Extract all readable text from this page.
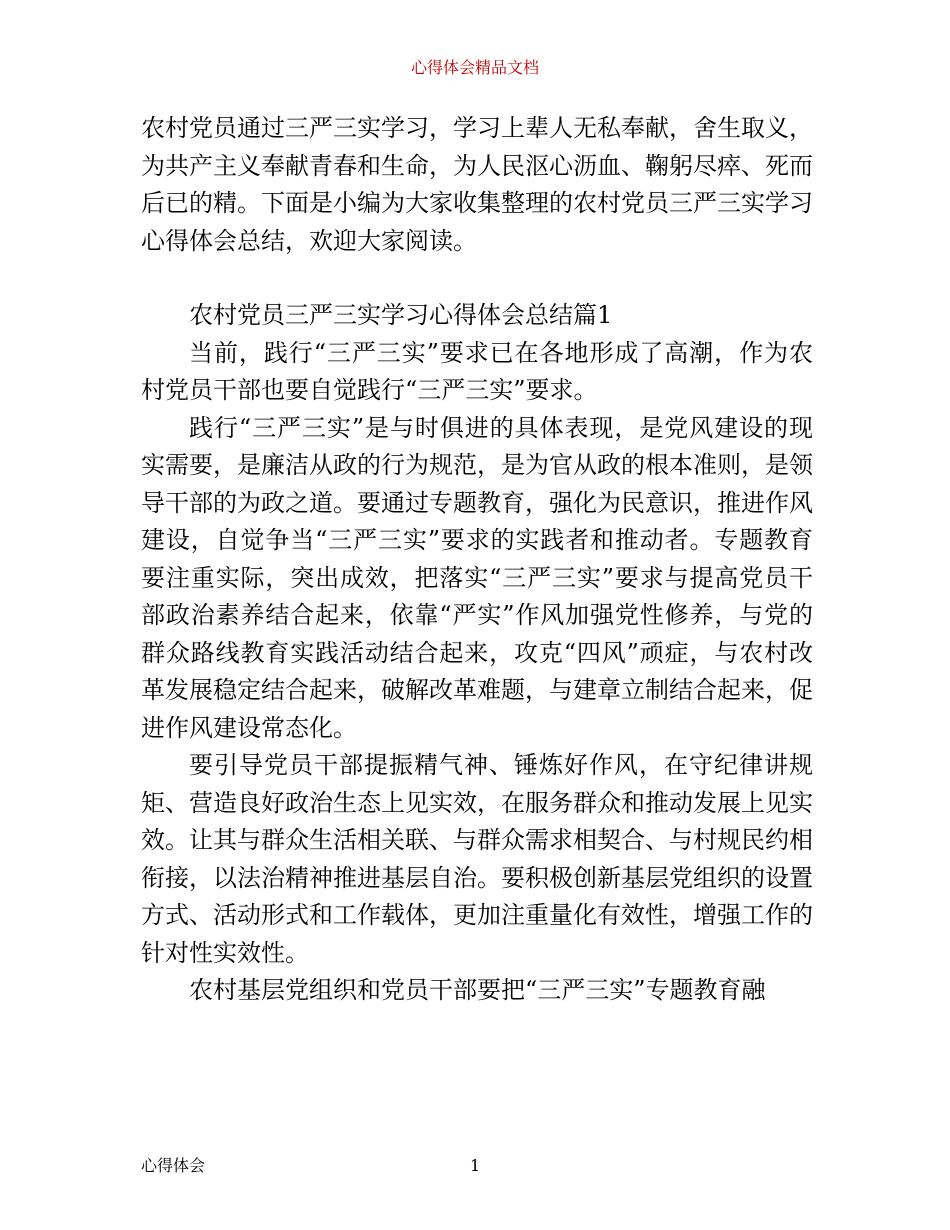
心得体会精品文档

农村党员通过三严三实学习，学习上辈人无私奉献，舍生取义，为共产主义奉献青春和生命，为人民沤心沥血、鞠躬尽瘁、死而后已的精。下面是小编为大家收集整理的农村党员三严三实学习心得体会总结，欢迎大家阅读。

农村党员三严三实学习心得体会总结篇1

当前，践行“三严三实”要求已在各地形成了高潮，作为农村党员干部也要自觉践行“三严三实”要求。

践行“三严三实”是与时俱进的具体表现，是党风建设的现实需要，是廉洁从政的行为规范，是为官从政的根本准则，是领导干部的为政之道。要通过专题教育，强化为民意识，推进作风建设，自觉争当“三严三实”要求的实践者和推动者。专题教育要注重实际，突出成效，把落实“三严三实”要求与提高党员干部政治素养结合起来，依靠“严实”作风加强党性修养，与党的群众路线教育实践活动结合起来，攻克“四风”顽症，与农村改革发展稳定结合起来，破解改革难题，与建章立制结合起来，促进作风建设常态化。

要引导党员干部提振精气神、锤炼好作风，在守纪律讲规矩、营造良好政治生态上见实效，在服务群众和推动发展上见实效。让其与群众生活相关联、与群众需求相契合、与村规民约相衔接，以法治精神推进基层自治。要积极创新基层党组织的设置方式、活动形式和工作载体，更加注重量化有效性，增强工作的针对性实效性。

农村基层党组织和党员干部要把“三严三实”专题教育融

心得体会	1
